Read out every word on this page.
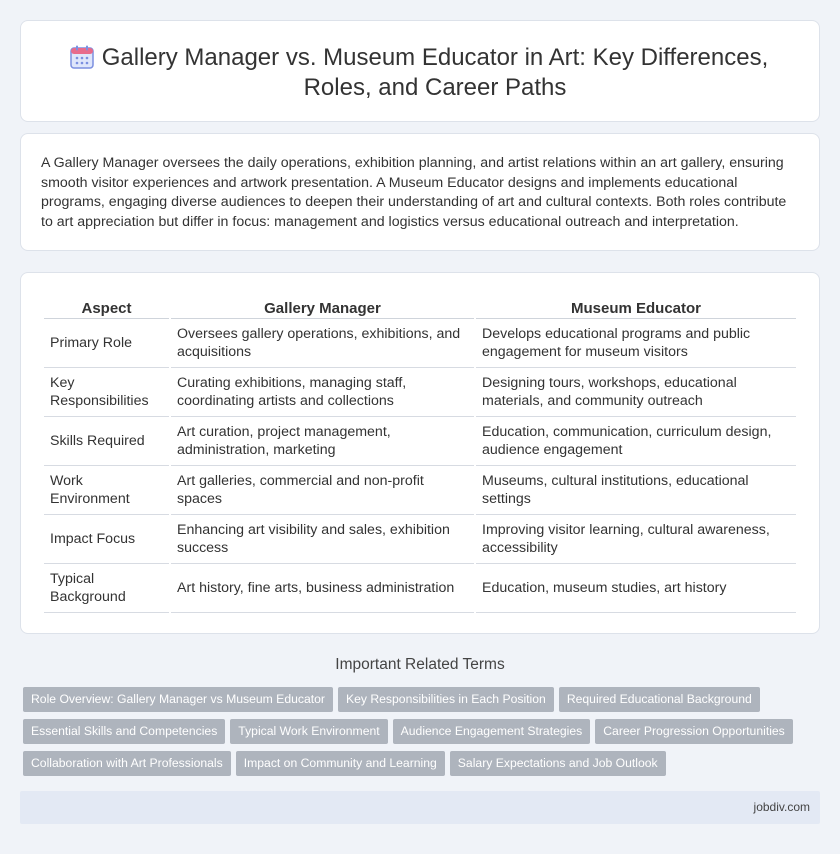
Gallery Manager vs. Museum Educator in Art: Key Differences, Roles, and Career Paths

A Gallery Manager oversees the daily operations, exhibition planning, and artist relations within an art gallery, ensuring smooth visitor experiences and artwork presentation. A Museum Educator designs and implements educational programs, engaging diverse audiences to deepen their understanding of art and cultural contexts. Both roles contribute to art appreciation but differ in focus: management and logistics versus educational outreach and interpretation.

Aspect	Gallery Manager	Museum Educator
Primary Role	Oversees gallery operations, exhibitions, and acquisitions	Develops educational programs and public engagement for museum visitors
Key Responsibilities	Curating exhibitions, managing staff, coordinating artists and collections	Designing tours, workshops, educational materials, and community outreach
Skills Required	Art curation, project management, administration, marketing	Education, communication, curriculum design, audience engagement
Work Environment	Art galleries, commercial and non-profit spaces	Museums, cultural institutions, educational settings
Impact Focus	Enhancing art visibility and sales, exhibition success	Improving visitor learning, cultural awareness, accessibility
Typical Background	Art history, fine arts, business administration	Education, museum studies, art history
Important Related Terms
Role Overview: Gallery Manager vs Museum Educator Key Responsibilities in Each Position Required Educational Background
Essential Skills and Competencies Typical Work Environment Audience Engagement Strategies Career Progression Opportunities
Collaboration with Art Professionals Impact on Community and Learning Salary Expectations and Job Outlook
jobdiv.com
